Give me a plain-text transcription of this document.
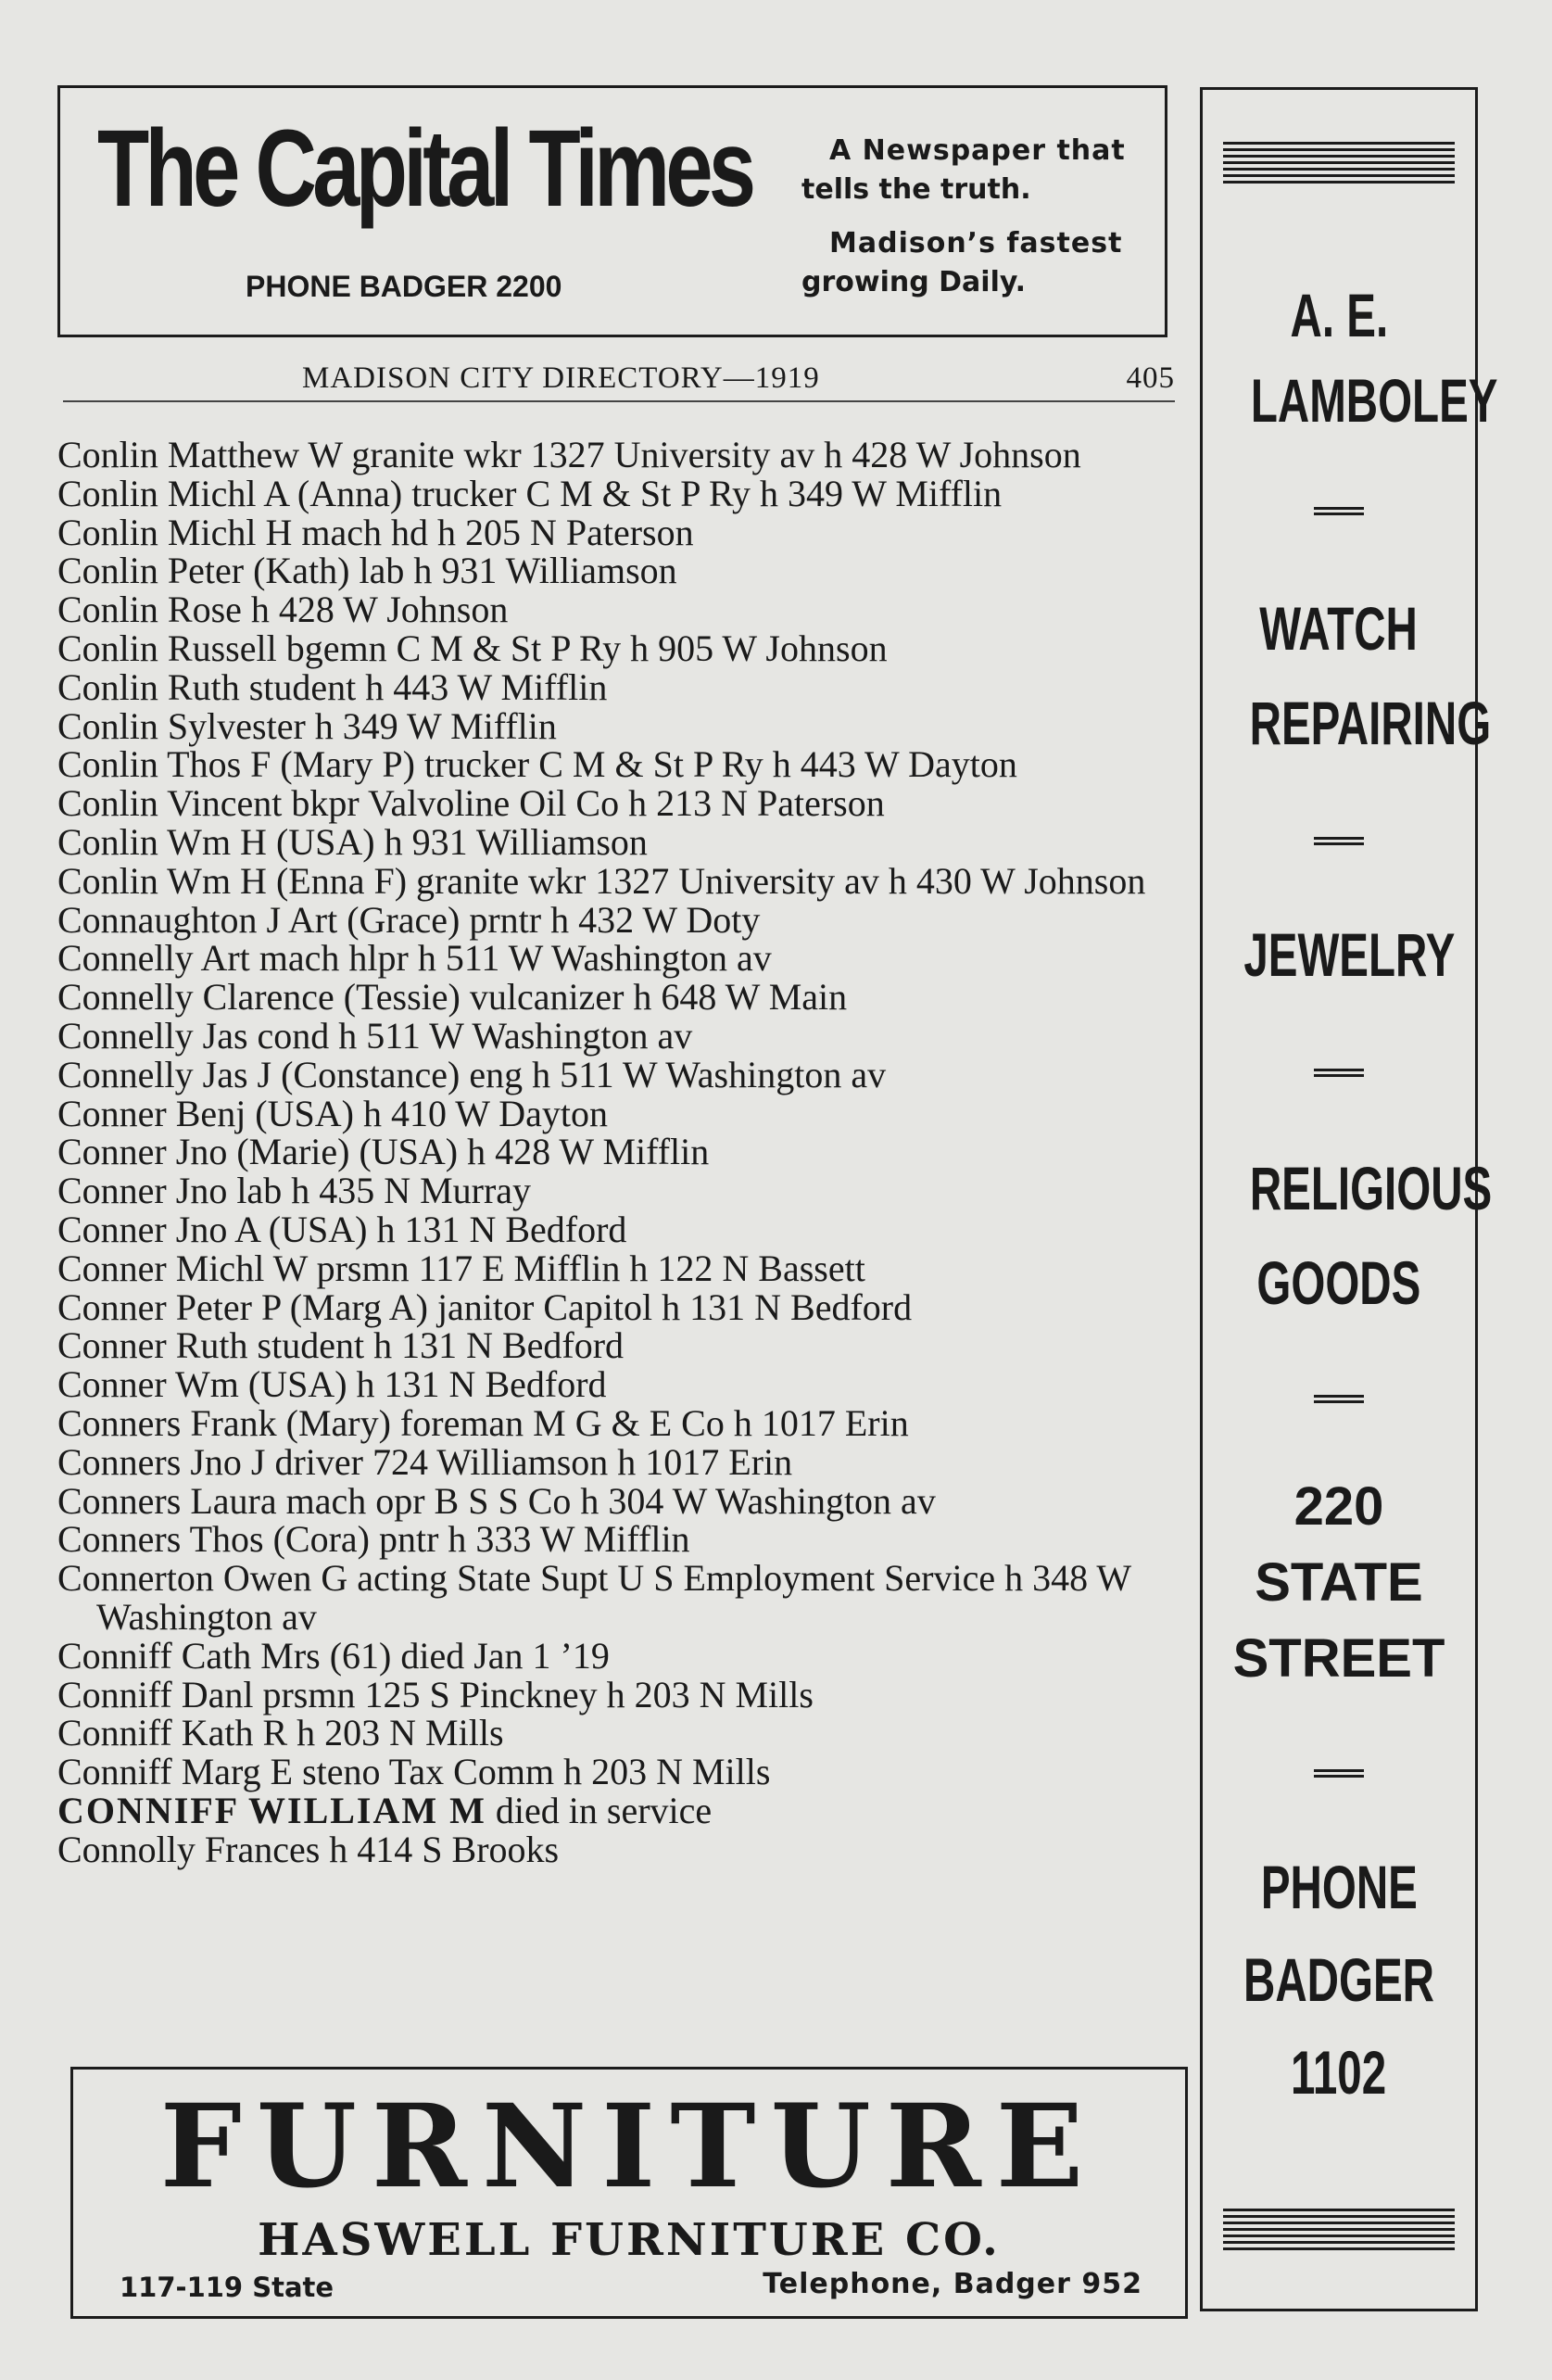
The Capital Times
PHONE BADGER 2200
A Newspaper that
tells the truth.
Madison’s fastest
growing Daily.
MADISON CITY DIRECTORY—1919	405
Conlin Matthew W granite wkr 1327 University av h 428 W Johnson
Conlin Michl A (Anna) trucker C M & St P Ry h 349 W Mifflin
Conlin Michl H mach hd h 205 N Paterson
Conlin Peter (Kath) lab h 931 Williamson
Conlin Rose h 428 W Johnson
Conlin Russell bgemn C M & St P Ry h 905 W Johnson
Conlin Ruth student h 443 W Mifflin
Conlin Sylvester h 349 W Mifflin
Conlin Thos F (Mary P) trucker C M & St P Ry h 443 W Dayton
Conlin Vincent bkpr Valvoline Oil Co h 213 N Paterson
Conlin Wm H (USA) h 931 Williamson
Conlin Wm H (Enna F) granite wkr 1327 University av h 430 W Johnson
Connaughton J Art (Grace) prntr h 432 W Doty
Connelly Art mach hlpr h 511 W Washington av
Connelly Clarence (Tessie) vulcanizer h 648 W Main
Connelly Jas cond h 511 W Washington av
Connelly Jas J (Constance) eng h 511 W Washington av
Conner Benj (USA) h 410 W Dayton
Conner Jno (Marie) (USA) h 428 W Mifflin
Conner Jno lab h 435 N Murray
Conner Jno A (USA) h 131 N Bedford
Conner Michl W prsmn 117 E Mifflin h 122 N Bassett
Conner Peter P (Marg A) janitor Capitol h 131 N Bedford
Conner Ruth student h 131 N Bedford
Conner Wm (USA) h 131 N Bedford
Conners Frank (Mary) foreman M G & E Co h 1017 Erin
Conners Jno J driver 724 Williamson h 1017 Erin
Conners Laura mach opr B S S Co h 304 W Washington av
Conners Thos (Cora) pntr h 333 W Mifflin
Connerton Owen G acting State Supt U S Employment Service h 348 W Washington av
Conniff Cath Mrs (61) died Jan 1 ’19
Conniff Danl prsmn 125 S Pinckney h 203 N Mills
Conniff Kath R h 203 N Mills
Conniff Marg E steno Tax Comm h 203 N Mills
CONNIFF WILLIAM M died in service
Connolly Frances h 414 S Brooks
A. E.
LAMBOLEY
WATCH
REPAIRING
JEWELRY
RELIGIOUS
GOODS
220
STATE
STREET
PHONE
BADGER
1102
FURNITURE
HASWELL FURNITURE CO.
117-119 State	Telephone, Badger 952
